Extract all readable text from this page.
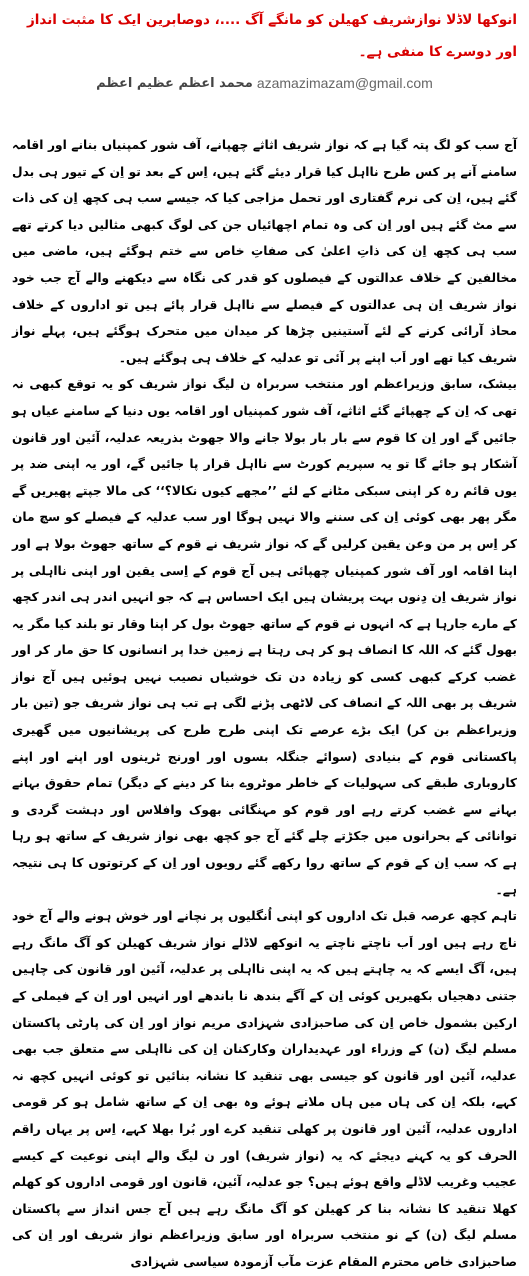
انوکھا لاڈلا نوازشریف کھیلن کو مانگے آگ ....، دوصابرین ایک کا مثبت انداز اور دوسرے کا منفی ہے۔
محمد اعظم عظیم اعظم azamazimazam@gmail.com

آج سب کو لگ پتہ گیا ہے کہ نواز شریف اثاثے چھپانے، آف شور کمپنیاں بنانے اور اقامہ سامنے آنے پر کس طرح نااہل کیا قرار دیئے گئے ہیں، اِس کے بعد تو اِن کے تیور ہی بدل گئے ہیں، اِن کی نرم گفتاری اور تحمل مزاجی کیا کہ جیسے سب ہی کچھ اِن کی ذات سے مٹ گئے ہیں اور اِن کی وہ تمام اچھائیاں جن کی لوگ کبھی مثالیں دیا کرتے تھے سب ہی کچھ اِن کی ذاتِ اعلیٰ کی صفاتِ خاص سے ختم ہوگئے ہیں، ماضی میں مخالفین کے خلاف عدالتوں کے فیصلوں کو قدر کی نگاہ سے دیکھنے والے آج جب خود نواز شریف اِن ہی عدالتوں کے فیصلے سے نااہل قرار پائے ہیں تو اداروں کے خلاف محاذ آرائی کرنے کے لئے آستینیں چڑھا کر میدان میں متحرک ہوگئے ہیں، پہلے نواز شریف کیا تھے اور اَب اپنے پر آئی تو عدلیہ کے خلاف ہی ہوگئے ہیں۔

بیشک، سابق وزیراعظم اور منتخب سربراہ ن لیگ نواز شریف کو یہ توقع کبھی نہ تھی کہ اِن کے چھپائے گئے اثاثے، آف شور کمپنیاں اور اقامہ یوں دنیا کے سامنے عیاں ہو جائیں گے اور اِن کا قوم سے بار بار بولا جانے والا جھوٹ بذریعہ عدلیہ، آئین اور قانون آشکار ہو جائے گا تو یہ سپریم کورٹ سے نااہل قرار پا جائیں گے، اور یہ اپنی ضد پر یوں قائم رہ کر اپنی سبکی مٹانے کے لئے ’’مجھے کیوں نکالا؟‘‘ کی مالا جپتے پھیریں گے مگر پھر بھی کوئی اِن کی سننے والا نہیں ہوگا اور سب عدلیہ کے فیصلے کو سچ مان کر اِس پر من وعن یقین کرلیں گے کہ نواز شریف نے قوم کے ساتھ جھوٹ بولا ہے اور اپنا اقامہ اور آف شور کمپنیاں چھپائی ہیں آج قوم کے اِسی یقین اور اپنی نااہلی پر نواز شریف اِن دِنوں بہت پریشان ہیں ایک احساس ہے کہ جو انہیں اندر ہی اندر کچھ کے مارے جارہا ہے کہ انہوں نے قوم کے ساتھ جھوٹ بول کر اپنا وقار تو بلند کیا مگر یہ بھول گئے کہ اللہ کا انصاف ہو کر ہی رہتا ہے زمین خدا پر انسانوں کا حق مار کر اور غضب کرکے کبھی کسی کو زیادہ دن تک خوشیاں نصیب نہیں ہوئیں ہیں آج نواز شریف پر بھی اللہ کے انصاف کی لاٹھی پڑنے لگی ہے تب ہی نواز شریف جو (تین بار وزیراعظم بن کر) ایک بڑے عرصے تک اپنی طرح طرح کی پریشانیوں میں گھیری پاکستانی قوم کے بنیادی (سوائے جنگلہ بسوں اور اورنج ٹرینوں اور اپنے اور اپنے کاروباری طبقے کی سہولیات کے خاطر موٹروے بنا کر دینے کے دیگر) تمام حقوق بہانے بہانے سے غضب کرتے رہے اور قوم کو مہنگائی بھوک وافلاس اور دہشت گردی و توانائی کے بحرانوں میں جکڑتے چلے گئے آج جو کچھ بھی نواز شریف کے ساتھ ہو رہا ہے کہ سب اِن کے قوم کے ساتھ روا رکھے گئے رویوں اور اِن کے کرتوتوں کا ہی نتیجہ ہے۔

تاہم کچھ عرصہ قبل تک اداروں کو اپنی اُنگلیوں پر نچانے اور خوش ہونے والے آج خود ناچ رہے ہیں اور اَب ناچتے ناچتے یہ انوکھے لاڈلے نواز شریف کھیلن کو آگ مانگ رہے ہیں، آگ ایسے کہ یہ چاہتے ہیں کہ یہ اپنی نااہلی پر عدلیہ، آئین اور قانون کی چاہیں جتنی دھجیاں بکھیریں کوئی اِن کے آگے بندھ نا باندھے اور انہیں اور اِن کے فیملی کے ارکین بشمول خاص اِن کی صاحبزادی شہزادی مریم نواز اور اِن کی پارٹی پاکستان مسلم لیگ (ن) کے وزراء اور عہدیداران وکارکنان اِن کی نااہلی سے متعلق جب بھی عدلیہ، آئین اور قانون کو جیسی بھی تنقید کا نشانہ بنائیں تو کوئی انہیں کچھ نہ کہے، بلکہ اِن کی ہاں میں ہاں ملاتے ہوئے وہ بھی اِن کے ساتھ شامل ہو کر قومی اداروں عدلیہ، آئین اور قانون پر کھلی تنقید کرے اور بُرا بھلا کہے، اِس پر یہاں راقم الحرف کو یہ کہنے دیجئے کہ یہ (نواز شریف) اور ن لیگ والے اپنی نوعیت کے کیسے عجیب وغریب لاڈلے واقع ہوئے ہیں؟ جو عدلیہ، آئین، قانون اور قومی اداروں کو کھلم کھلا تنقید کا نشانہ بنا کر کھیلن کو آگ مانگ رہے ہیں آج جس انداز سے پاکستان مسلم لیگ (ن) کے نو منتخب سربراہ اور سابق وزیراعظم نواز شریف اور اِن کی صاحبزادی خاص محترم المقام عزت مآب آزمودہ سیاسی شہزادی
